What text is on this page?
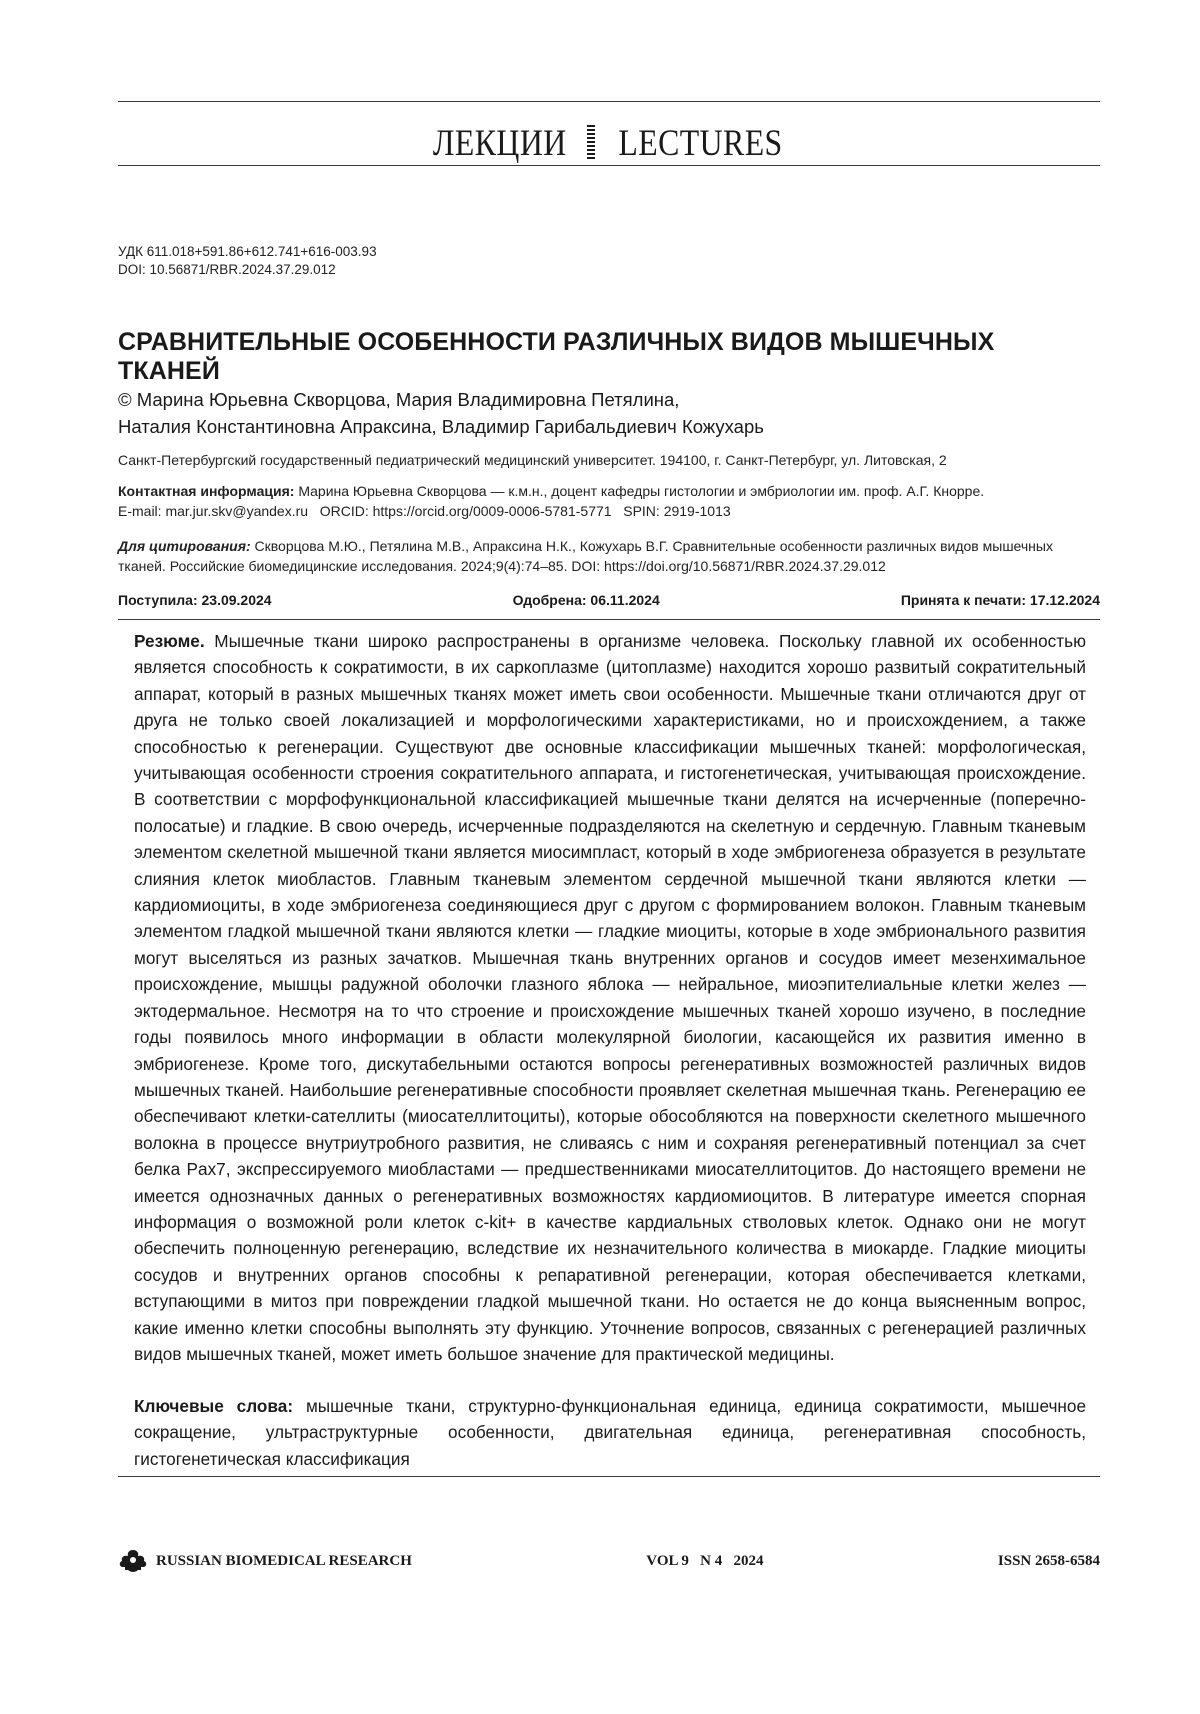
ЛЕКЦИИ LECTURES
УДК 611.018+591.86+612.741+616-003.93
DOI: 10.56871/RBR.2024.37.29.012
СРАВНИТЕЛЬНЫЕ ОСОБЕННОСТИ РАЗЛИЧНЫХ ВИДОВ МЫШЕЧНЫХ ТКАНЕЙ
© Марина Юрьевна Скворцова, Мария Владимировна Петялина,
Наталия Константиновна Апраксина, Владимир Гарибальдиевич Кожухарь
Санкт-Петербургский государственный педиатрический медицинский университет. 194100, г. Санкт-Петербург, ул. Литовская, 2
Контактная информация: Марина Юрьевна Скворцова — к.м.н., доцент кафедры гистологии и эмбриологии им. проф. А.Г. Кнорре.
E-mail: mar.jur.skv@yandex.ru ORCID: https://orcid.org/0009-0006-5781-5771 SPIN: 2919-1013
Для цитирования: Скворцова М.Ю., Петялина М.В., Апраксина Н.К., Кожухарь В.Г. Сравнительные особенности различных видов мышечных тканей. Российские биомедицинские исследования. 2024;9(4):74–85. DOI: https://doi.org/10.56871/RBR.2024.37.29.012
Поступила: 23.09.2024	Одобрена: 06.11.2024	Принята к печати: 17.12.2024
Резюме. Мышечные ткани широко распространены в организме человека. Поскольку главной их особенностью является способность к сократимости, в их саркоплазме (цитоплазме) находится хорошо развитый сократительный аппарат, который в разных мышечных тканях может иметь свои особенности. Мышечные ткани отличаются друг от друга не только своей локализацией и морфологическими характеристиками, но и происхождением, а также способностью к регенерации. Существуют две основные классификации мышечных тканей: морфологическая, учитывающая особенности строения сократительного аппарата, и гистогенетическая, учитывающая происхождение. В соответствии с морфофункциональной классификацией мышечные ткани делятся на исчерченные (поперечно-полосатые) и гладкие. В свою очередь, исчерченные подразделяются на скелетную и сердечную. Главным тканевым элементом скелетной мышечной ткани является миосимпласт, который в ходе эмбриогенеза образуется в результате слияния клеток миобластов. Главным тканевым элементом сердечной мышечной ткани являются клетки — кардиомиоциты, в ходе эмбриогенеза соединяющиеся друг с другом с формированием волокон. Главным тканевым элементом гладкой мышечной ткани являются клетки — гладкие миоциты, которые в ходе эмбрионального развития могут выселяться из разных зачатков. Мышечная ткань внутренних органов и сосудов имеет мезенхимальное происхождение, мышцы радужной оболочки глазного яблока — нейральное, миоэпителиальные клетки желез — эктодермальное. Несмотря на то что строение и происхождение мышечных тканей хорошо изучено, в последние годы появилось много информации в области молекулярной биологии, касающейся их развития именно в эмбриогенезе. Кроме того, дискутабельными остаются вопросы регенеративных возможностей различных видов мышечных тканей. Наибольшие регенеративные способности проявляет скелетная мышечная ткань. Регенерацию ее обеспечивают клетки-сателлиты (миосателлитоциты), которые обособляются на поверхности скелетного мышечного волокна в процессе внутриутробного развития, не сливаясь с ним и сохраняя регенеративный потенциал за счет белка Pax7, экспрессируемого миобластами — предшественниками миосателлитоцитов. До настоящего времени не имеется однозначных данных о регенеративных возможностях кардиомиоцитов. В литературе имеется спорная информация о возможной роли клеток c-kit+ в качестве кардиальных стволовых клеток. Однако они не могут обеспечить полноценную регенерацию, вследствие их незначительного количества в миокарде. Гладкие миоциты сосудов и внутренних органов способны к репаративной регенерации, которая обеспечивается клетками, вступающими в митоз при повреждении гладкой мышечной ткани. Но остается не до конца выясненным вопрос, какие именно клетки способны выполнять эту функцию. Уточнение вопросов, связанных с регенерацией различных видов мышечных тканей, может иметь большое значение для практической медицины.
Ключевые слова: мышечные ткани, структурно-функциональная единица, единица сократимости, мышечное сокращение, ультраструктурные особенности, двигательная единица, регенеративная способность, гистогенетическая классификация
RUSSIAN BIOMEDICAL RESEARCH	VOL 9   N 4   2024	ISSN 2658-6584
